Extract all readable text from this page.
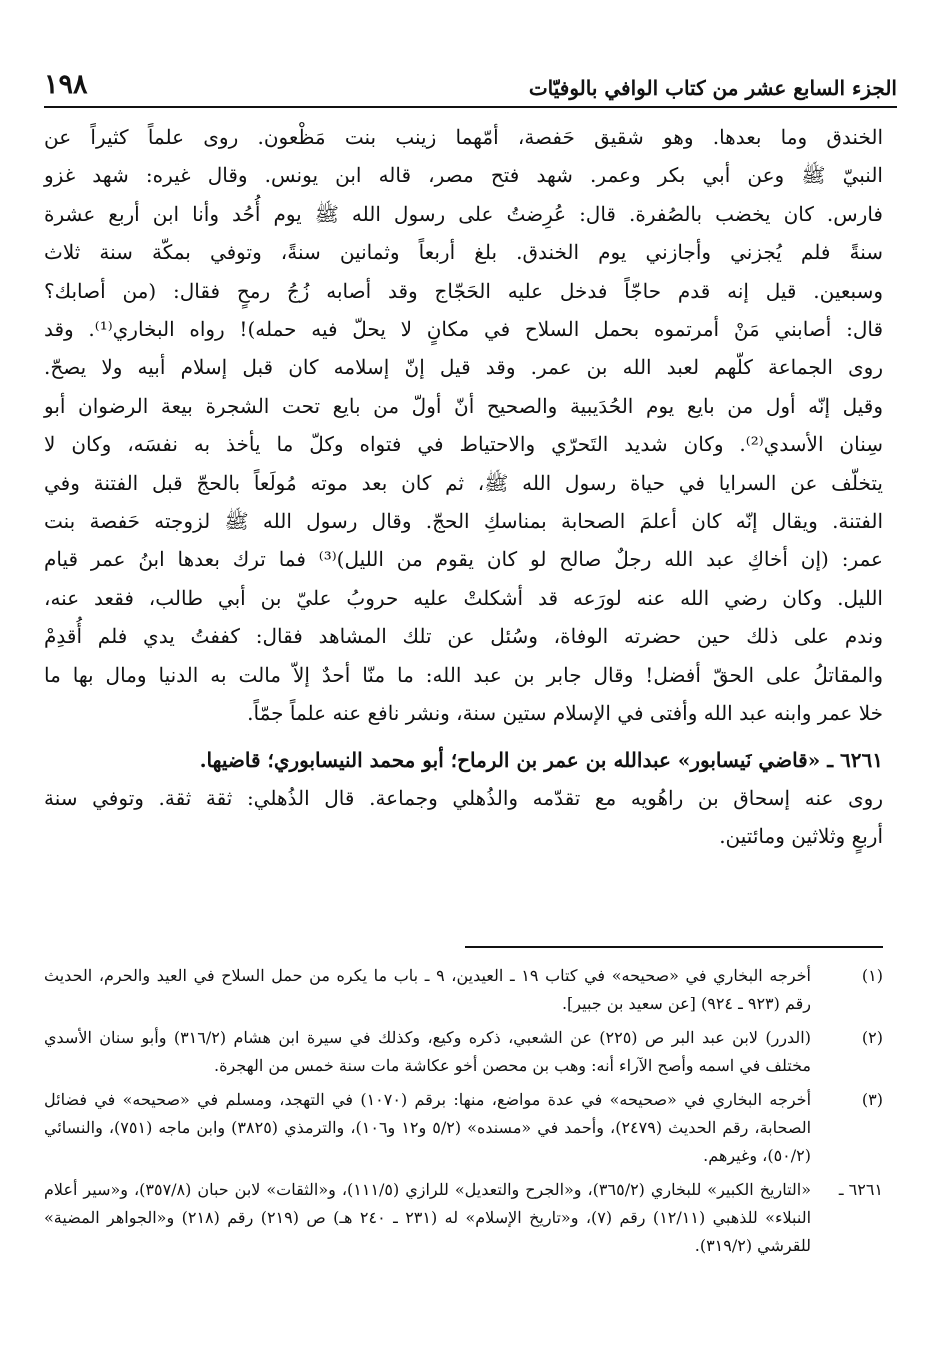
الجزء السابع عشر من كتاب الوافي بالوفيّات
١٩٨

الخندق وما بعدها. وهو شقيق حَفصة، أمّهما زينب بنت مَظْعون. روى علماً كثيراً عن

النبيّ ﷺ وعن أبي بكر وعمر. شهد فتح مصر، قاله ابن يونس. وقال غيره: شهد غزو

فارس. كان يخضب بالصُفرة. قال: عُرِضتُ على رسول الله ﷺ يوم أُحُد وأنا ابن أربع عشرة

سنةً فلم يُجزني وأجازني يوم الخندق. بلغ أربعاً وثمانين سنةً، وتوفي بمكّة سنة ثلاث

وسبعين. قيل إنه قدم حاجّاً فدخل عليه الحَجّاج وقد أصابه زُجُ رمحٍ فقال: (من أصابك؟

قال: أصابني مَنْ أمرتموه بحمل السلاح في مكانٍ لا يحلّ فيه حمله)! رواه البخاري⁽¹⁾. وقد

روى الجماعة كلّهم لعبد الله بن عمر. وقد قيل إنّ إسلامه كان قبل إسلام أبيه ولا يصحّ.

وقيل إنّه أول من بايع يوم الحُدَيبية والصحيح أنّ أولّ من بايع تحت الشجرة بيعة الرضوان أبو

سِنان الأسدي⁽²⁾. وكان شديد التَحرّي والاحتياط في فتواه وكلّ ما يأخذ به نفسَه، وكان لا

يتخلّف عن السرايا في حياة رسول الله ﷺ، ثم كان بعد موته مُولَعاً بالحجّ قبل الفتنة وفي

الفتنة. ويقال إنّه كان أعلمَ الصحابة بمناسكِ الحجّ. وقال رسول الله ﷺ لزوجته حَفصة بنت

عمر: (إن أخاكِ عبد الله رجلٌ صالح لو كان يقوم من الليل)⁽³⁾ فما ترك بعدها ابنُ عمر قيام

الليل. وكان رضي الله عنه لورَعه قد أشكلتْ عليه حروبُ عليّ بن أبي طالب، فقعد عنه،

وندم على ذلك حين حضرته الوفاة، وسُئل عن تلك المشاهد فقال: كففتُ يدي فلم أُقدِمْ

والمقاتلُ على الحقّ أفضل! وقال جابر بن عبد الله: ما منّا أحدٌ إلاّ مالت به الدنيا ومال بها ما

خلا عمر وابنه عبد الله وأفتى في الإسلام ستين سنة، ونشر نافع عنه علماً جمّاً.

٦٢٦١ ـ «قاضي نَيسابور» عبدالله بن عمر بن الرماح؛ أبو محمد النيسابوري؛ قاضيها.

روى عنه إسحاق بن راهُويه مع تقدّمه والذُهلي وجماعة. قال الذُهلي: ثقة ثقة. وتوفي سنة

أربعٍ وثلاثين ومائتين.

(١)
أخرجه البخاري في «صحيحه» في كتاب ١٩ ـ العيدين، ٩ ـ باب ما يكره من حمل السلاح في العيد والحرم، الحديث رقم (٩٢٣ ـ ٩٢٤) [عن سعيد بن جبير].
(٢)
(الدرر) لابن عبد البر ص (٢٢٥) عن الشعبي، ذكره وكيع، وكذلك في سيرة ابن هشام (٣١٦/٢) وأبو سنان الأسدي مختلف في اسمه وأصح الآراء أنه: وهب بن محصن أخو عكاشة مات سنة خمس من الهجرة.
(٣)
أخرجه البخاري في «صحيحه» في عدة مواضع، منها: برقم (١٠٧٠) في التهجد، ومسلم في «صحيحه» في فضائل الصحابة، رقم الحديث (٢٤٧٩)، وأحمد في «مسنده» (٥/٢ و١٢ و١٠٦)، والترمذي (٣٨٢٥) وابن ماجه (٧٥١)، والنسائي (٥٠/٢)، وغيرهم.
٦٢٦١ ـ
«التاريخ الكبير» للبخاري (٣٦٥/٢)، و«الجرح والتعديل» للرازي (١١١/٥)، و«الثقات» لابن حبان (٣٥٧/٨)، و«سير أعلام النبلاء» للذهبي (١٢/١١) رقم (٧)، و«تاريخ الإسلام» له (٢٣١ ـ ٢٤٠ هـ) ص (٢١٩) رقم (٢١٨) و«الجواهر المضية» للقرشي (٣١٩/٢).
